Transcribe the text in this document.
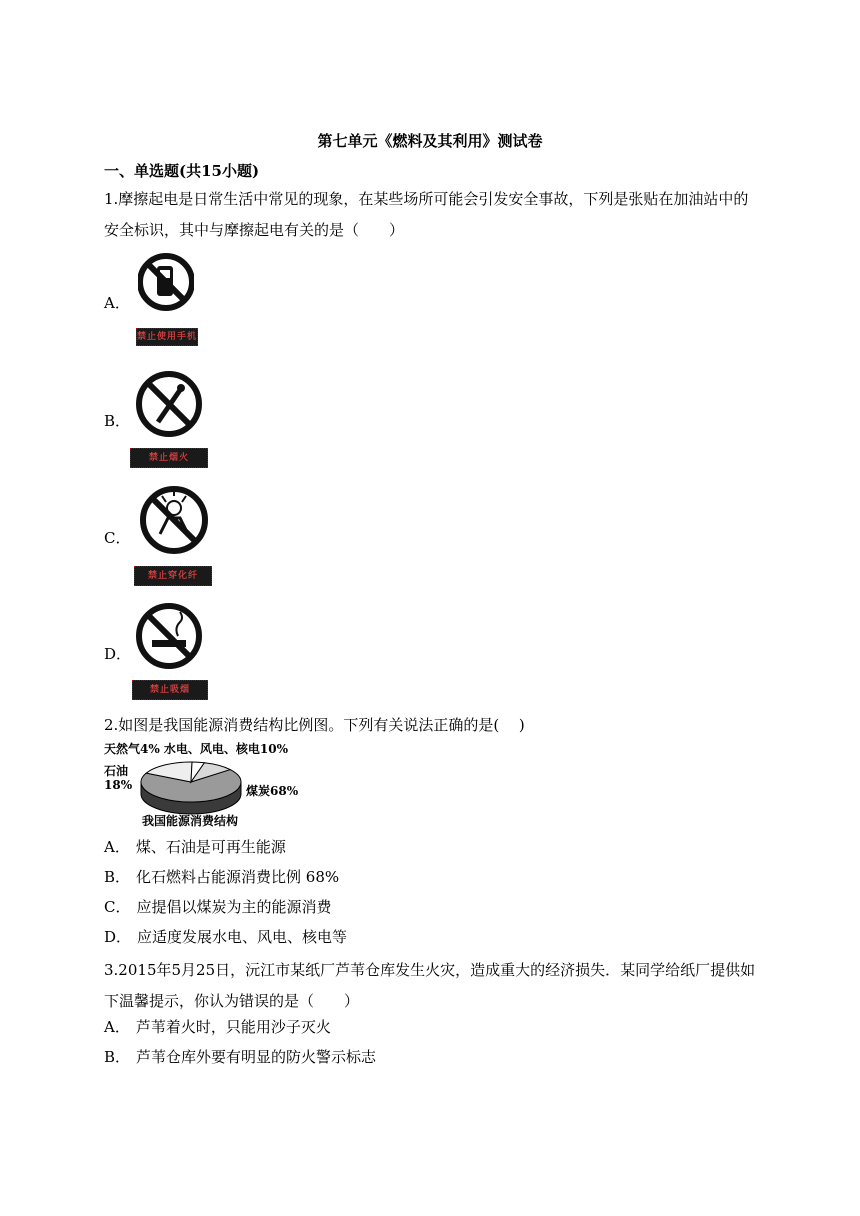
第七单元《燃料及其利用》测试卷
一、单选题(共15小题)
1.摩擦起电是日常生活中常见的现象，在某些场所可能会引发安全事故，下列是张贴在加油站中的安全标识，其中与摩擦起电有关的是（　　）
A．
禁止使用手机
B．
禁止烟火
C．
禁止穿化纤
D．
禁止吸烟
2.如图是我国能源消费结构比例图。下列有关说法正确的是(　 )
天然气4% 水电、风电、核电10%
石油
18%	煤炭68%
我国能源消费结构
A． 煤、石油是可再生能源
B． 化石燃料占能源消费比例 68%
C． 应提倡以煤炭为主的能源消费
D． 应适度发展水电、风电、核电等
3.2015年5月25日，沅江市某纸厂芦苇仓库发生火灾，造成重大的经济损失．某同学给纸厂提供如下温馨提示，你认为错误的是（　　）
A． 芦苇着火时，只能用沙子灭火
B． 芦苇仓库外要有明显的防火警示标志
